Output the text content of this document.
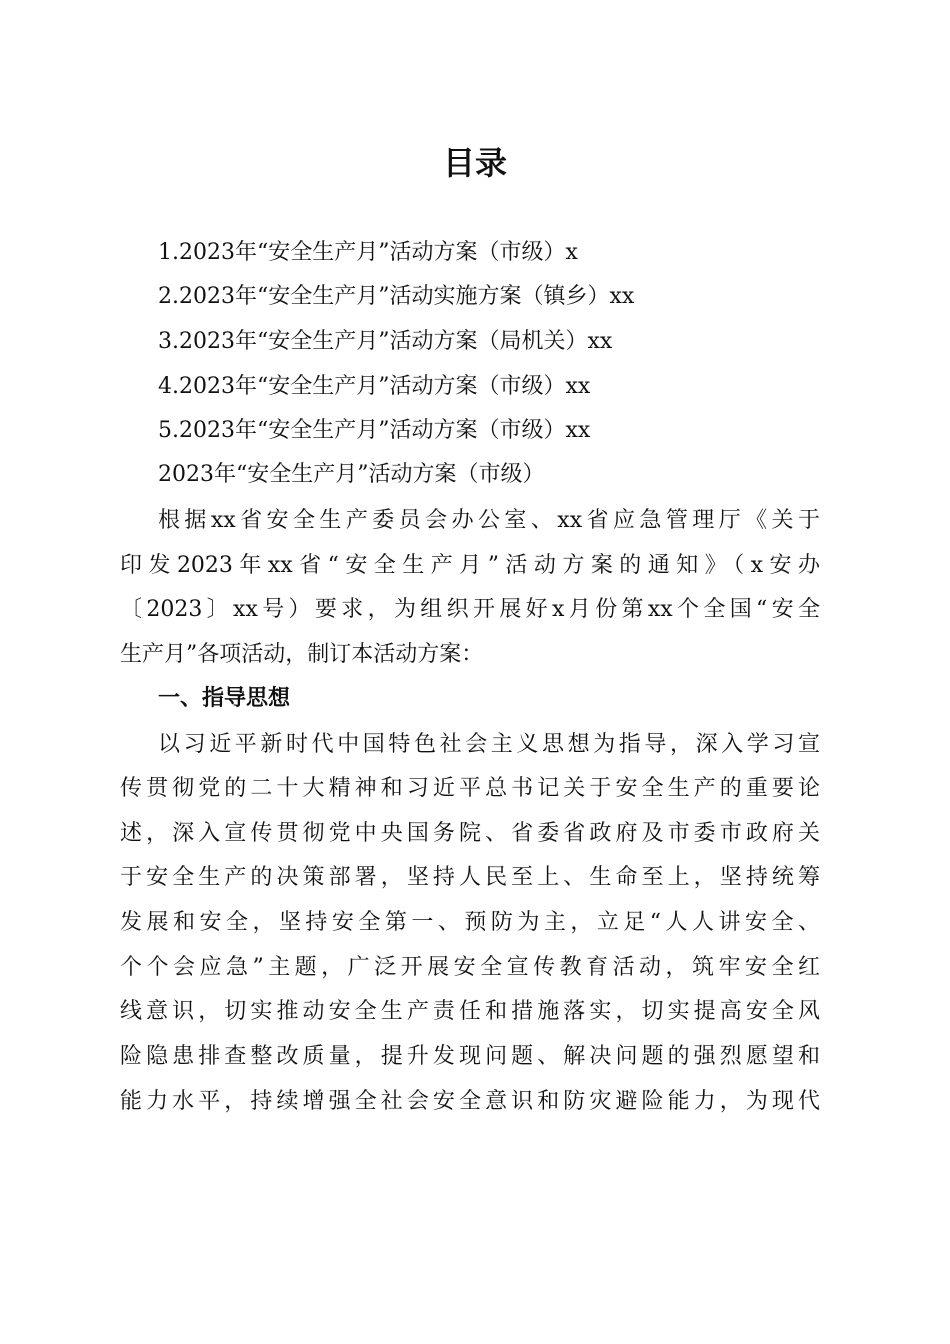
目录
1.2023年“安全生产月”活动方案（市级）x
2.2023年“安全生产月”活动实施方案（镇乡）xx
3.2023年“安全生产月”活动方案（局机关）xx
4.2023年“安全生产月”活动方案（市级）xx
5.2023年“安全生产月”活动方案（市级）xx
2023年“安全生产月”活动方案（市级）
根据xx省安全生产委员会办公室、xx省应急管理厅《关于
印发2023年xx省“安全生产月”活动方案的通知》（x安办
〔2023〕xx号）要求，为组织开展好x月份第xx个全国“安全
生产月”各项活动，制订本活动方案：
一、指导思想
以习近平新时代中国特色社会主义思想为指导，深入学习宣
传贯彻党的二十大精神和习近平总书记关于安全生产的重要论
述，深入宣传贯彻党中央国务院、省委省政府及市委市政府关
于安全生产的决策部署，坚持人民至上、生命至上，坚持统筹
发展和安全，坚持安全第一、预防为主，立足“人人讲安全、
个个会应急”主题，广泛开展安全宣传教育活动，筑牢安全红
线意识，切实推动安全生产责任和措施落实，切实提高安全风
险隐患排查整改质量，提升发现问题、解决问题的强烈愿望和
能力水平，持续增强全社会安全意识和防灾避险能力，为现代
